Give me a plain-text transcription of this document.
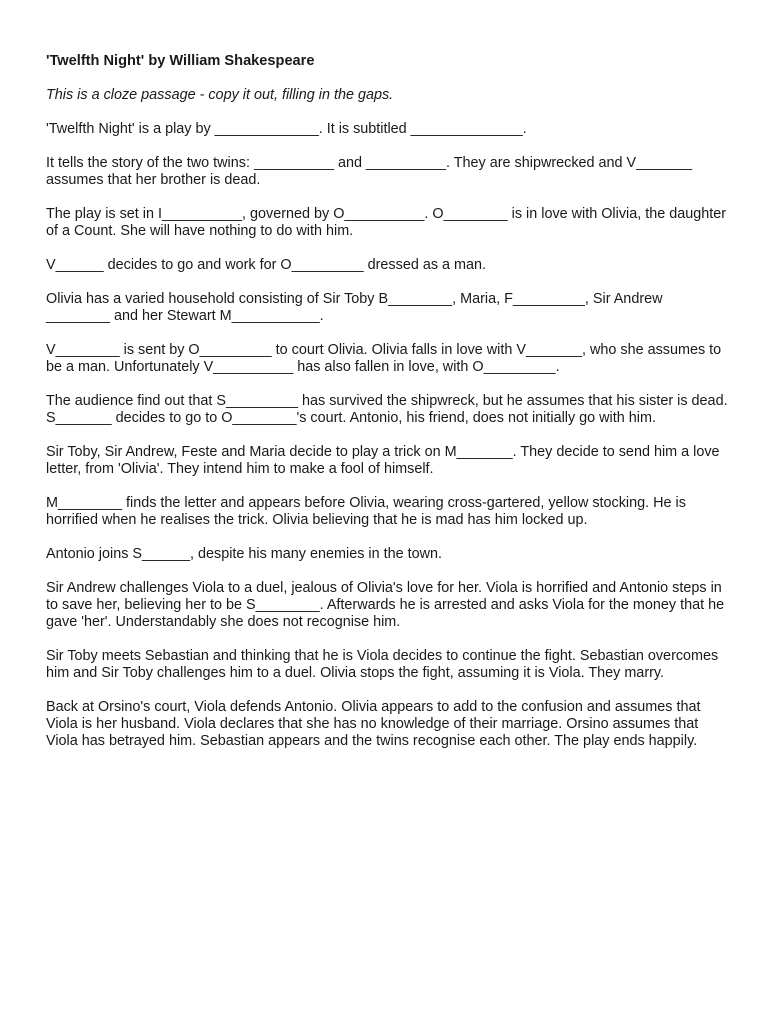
'Twelfth Night' by William Shakespeare
This is a cloze passage - copy it out, filling in the gaps.
'Twelfth Night' is a play by _____________. It is subtitled ______________.
It tells the story of the two twins: __________ and __________. They are shipwrecked and V_______ assumes that her brother is dead.
The play is set in I__________, governed by O__________. O________ is in love with Olivia, the daughter of a Count. She will have nothing to do with him.
V______ decides to go and work for O_________ dressed as a man.
Olivia has a varied household consisting of Sir Toby B________, Maria, F_________, Sir Andrew ________ and her Stewart M___________.
V________ is sent by O_________ to court Olivia. Olivia falls in love with V_______, who she assumes to be a man. Unfortunately V__________ has also fallen in love, with O_________.
The audience find out that S_________ has survived the shipwreck, but he assumes that his sister is dead. S_______ decides to go to O________'s court. Antonio, his friend, does not initially go with him.
Sir Toby, Sir Andrew, Feste and Maria decide to play a trick on M_______. They decide to send him a love letter, from 'Olivia'. They intend him to make a fool of himself.
M________ finds the letter and appears before Olivia, wearing cross-gartered, yellow stocking. He is horrified when he realises the trick. Olivia believing that he is mad has him locked up.
Antonio joins S______, despite his many enemies in the town.
Sir Andrew challenges Viola to a duel, jealous of Olivia's love for her. Viola is horrified and Antonio steps in to save her, believing her to be S________. Afterwards he is arrested and asks Viola for the money that he gave 'her'. Understandably she does not recognise him.
Sir Toby meets Sebastian and thinking that he is Viola decides to continue the fight. Sebastian overcomes him and Sir Toby challenges him to a duel. Olivia stops the fight, assuming it is Viola. They marry.
Back at Orsino's court, Viola defends Antonio. Olivia appears to add to the confusion and assumes that Viola is her husband. Viola declares that she has no knowledge of their marriage. Orsino assumes that Viola has betrayed him. Sebastian appears and the twins recognise each other. The play ends happily.
